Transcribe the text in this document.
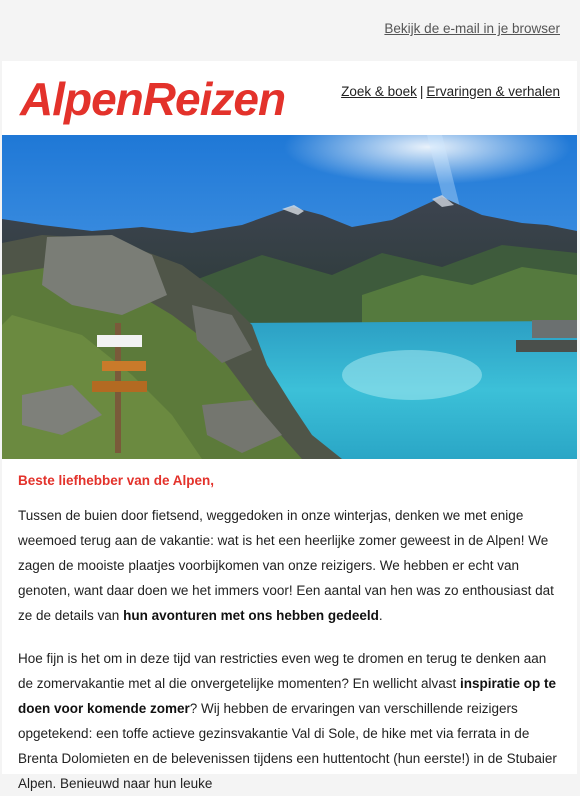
Bekijk de e-mail in je browser
AlpenReizen	Zoek & boek | Ervaringen & verhalen
Beste liefhebber van de Alpen,

Tussen de buien door fietsend, weggedoken in onze winterjas, denken we met enige weemoed terug aan de vakantie: wat is het een heerlijke zomer geweest in de Alpen! We zagen de mooiste plaatjes voorbijkomen van onze reizigers. We hebben er echt van genoten, want daar doen we het immers voor! Een aantal van hen was zo enthousiast dat ze de details van hun avonturen met ons hebben gedeeld.

Hoe fijn is het om in deze tijd van restricties even weg te dromen en terug te denken aan de zomervakantie met al die onvergetelijke momenten? En wellicht alvast inspiratie op te doen voor komende zomer? Wij hebben de ervaringen van verschillende reizigers opgetekend: een toffe actieve gezinsvakantie Val di Sole, de hike met via ferrata in de Brenta Dolomieten en de belevenissen tijdens een huttentocht (hun eerste!) in de Stubaier Alpen. Benieuwd naar hun leuke
